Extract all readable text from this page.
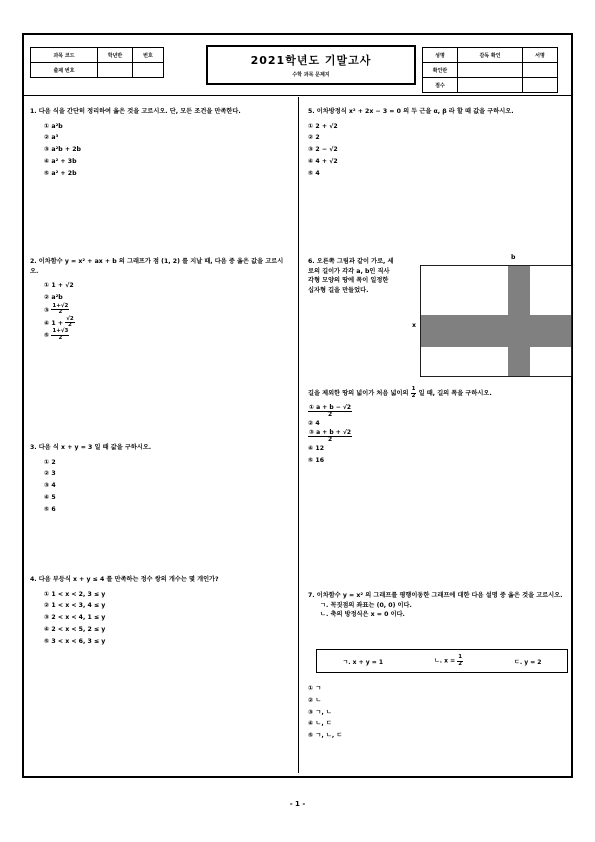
과목 코드	학년반	번호
출제 번호		
2021학년도 기말고사
수학 과목 문제지
성명	감독 확인	서명
확인란		
점수		
1. 다음 식을 간단히 정리하여 옳은 것을 고르시오. 단, 모든 조건을 만족한다.
① a²b
② a³
③ a²b + 2b
④ a² + 3b
⑤ a² + 2b
2. 이차함수 y = x² + ax + b 의 그래프가 점 (1, 2) 를 지날 때, 다음 중 옳은 값을 고르시오.
① 1 + √2
② a²b
③ $\frac{1+√2}{2}$
④ $1 + \frac{√2}{2}$
⑤ $\frac{1+√3}{2}$
3. 다음 식 x + y = 3 일 때 값을 구하시오.
① 2
② 3
③ 4
④ 5
⑤ 6
4. 다음 부등식 x + y ≤ 4 를 만족하는 정수 쌍의 개수는 몇 개인가?
① 1 < x < 2, 3 ≤ y
② 1 < x < 3, 4 ≤ y
③ 2 < x < 4, 1 ≤ y
④ 2 < x < 5, 2 ≤ y
⑤ 3 < x < 6, 3 ≤ y
5. 이차방정식 x² + 2x − 3 = 0 의 두 근을 α, β 라 할 때 값을 구하시오.
① 2 + √2
② 2
③ 2 − √2
④ 4 + √2
⑤ 4
6. 오른쪽 그림과 같이 가로, 세로의 길이가 각각 a, b인 직사각형 모양의 땅에 폭이 일정한 십자형 길을 만들었다.
길을 제외한 땅의 넓이가 처음 넓이의 $\frac{1}{2}$ 일 때, 길의 폭을 구하시오.
$\frac{\text{① a + b − √2}}{2}$
② 4
$\frac{\text{③ a + b + √2}}{2}$
④ 12
⑤ 16
b
x
7. 이차함수 y = x² 의 그래프를 평행이동한 그래프에 대한 다음 설명 중 옳은 것을 고르시오.
ㄱ. 꼭짓점의 좌표는 (0, 0) 이다.
ㄴ. 축의 방정식은 x = 0 이다.
ㄱ. x + y = 1	ㄴ. $x = \frac{1}{2}$	ㄷ. y = 2
① ㄱ
② ㄴ
③ ㄱ, ㄴ
④ ㄴ, ㄷ
⑤ ㄱ, ㄴ, ㄷ
- 1 -
